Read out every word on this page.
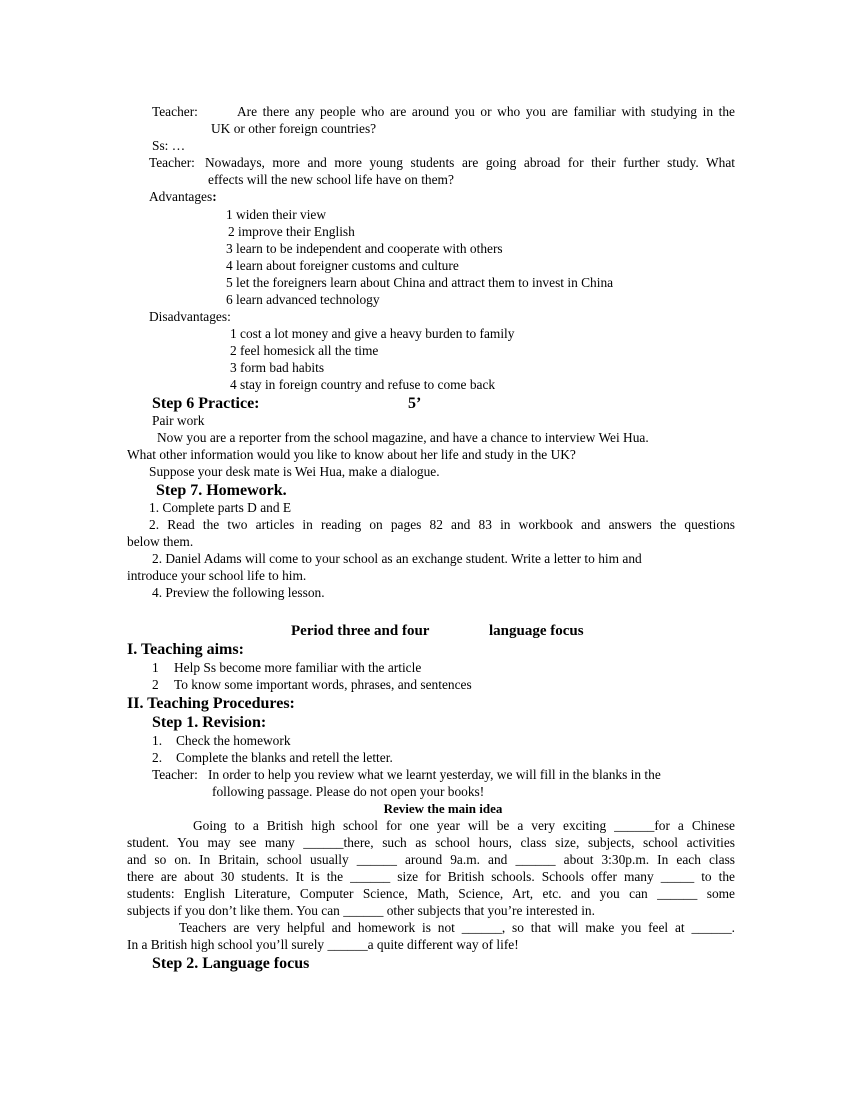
Teacher:	Are there any people who are around you or who you are familiar with studying in the
UK or other foreign countries?
Ss: …
Teacher: Nowadays, more and more young students are going abroad for their further study. What
effects will the new school life have on them?
Advantages:
1 widen their view
2 improve their English
3 learn to be independent and cooperate with others
4 learn about foreigner customs and culture
5 let the foreigners learn about China and attract them to invest in China
6 learn advanced technology
Disadvantages:
1 cost a lot money and give a heavy burden to family
2 feel homesick all the time
3 form bad habits
4 stay in foreign country and refuse to come back
Step 6 Practice:	5’
Pair work
Now you are a reporter from the school magazine, and have a chance to interview Wei Hua.
What other information would you like to know about her life and study in the UK?
Suppose your desk mate is Wei Hua, make a dialogue.
Step 7. Homework.
1. Complete parts D and E
2. Read the two articles in reading on pages 82 and 83 in workbook and answers the questions
below them.
2. Daniel Adams will come to your school as an exchange student. Write a letter to him and
introduce your school life to him.
4. Preview the following lesson.
Period three and four	language focus
I. Teaching aims:
1 Help Ss become more familiar with the article
2 To know some important words, phrases, and sentences
II. Teaching Procedures:
Step 1. Revision:
1. Check the homework
2. Complete the blanks and retell the letter.
Teacher: In order to help you review what we learnt yesterday, we will fill in the blanks in the
following passage. Please do not open your books!
Review the main idea
Going to a British high school for one year will be a very exciting ______for a Chinese
student. You may see many ______there, such as school hours, class size, subjects, school activities
and so on. In Britain, school usually ______ around 9a.m. and ______ about 3:30p.m. In each class
there are about 30 students. It is the ______ size for British schools. Schools offer many _____ to the
students: English Literature, Computer Science, Math, Science, Art, etc. and you can ______ some
subjects if you don’t like them. You can ______ other subjects that you’re interested in.
Teachers are very helpful and homework is not ______, so that will make you feel at ______.
In a British high school you’ll surely ______a quite different way of life!
Step 2. Language focus
